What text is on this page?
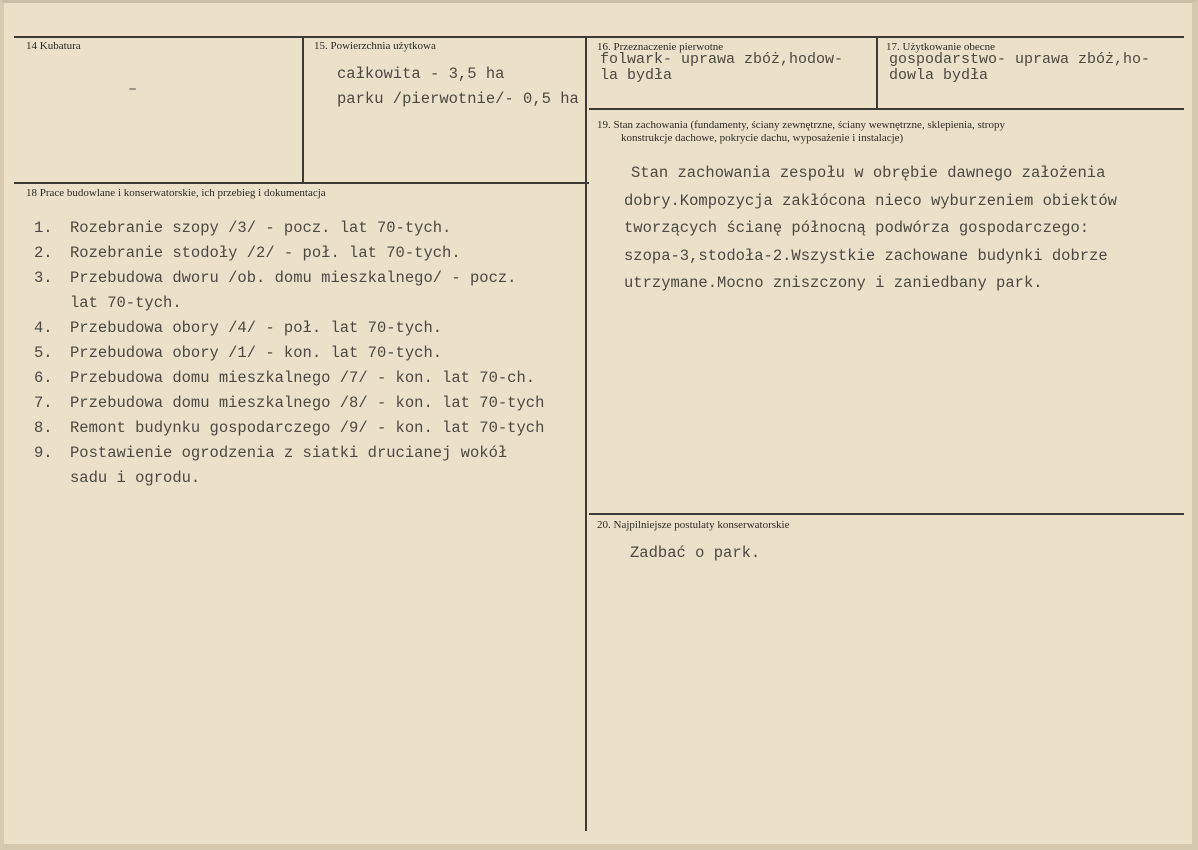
14 Kubatura
–
15. Powierzchnia użytkowa
całkowita - 3,5 ha
parku /pierwotnie/- 0,5 ha
16. Przeznaczenie pierwotne
folwark- uprawa zbóż,hodow-
la bydła
17. Użytkowanie obecne
gospodarstwo- uprawa zbóż,ho-
dowla bydła
18 Prace budowlane i konserwatorskie, ich przebieg i dokumentacja
1. Rozebranie szopy /3/ - pocz. lat 70-tych.
2. Rozebranie stodoły /2/ - poł. lat 70-tych.
3. Przebudowa dworu /ob. domu mieszkalnego/ - pocz.
lat 70-tych.
4. Przebudowa obory /4/ - poł. lat 70-tych.
5. Przebudowa obory /1/ - kon. lat 70-tych.
6. Przebudowa domu mieszkalnego /7/ - kon. lat 70-ch.
7. Przebudowa domu mieszkalnego /8/ - kon. lat 70-tych
8. Remont budynku gospodarczego /9/ - kon. lat 70-tych
9. Postawienie ogrodzenia z siatki drucianej wokół
sadu i ogrodu.
19. Stan zachowania (fundamenty, ściany zewnętrzne, ściany wewnętrzne, sklepienia, stropy
konstrukcje dachowe, pokrycie dachu, wyposażenie i instalacje)
Stan zachowania zespołu w obrębie dawnego założenia
dobry.Kompozycja zakłócona nieco wyburzeniem obiektów
tworzących ścianę północną podwórza gospodarczego:
szopa-3,stodoła-2.Wszystkie zachowane budynki dobrze
utrzymane.Mocno zniszczony i zaniedbany park.
20. Najpilniejsze postulaty konserwatorskie
Zadbać o park.
